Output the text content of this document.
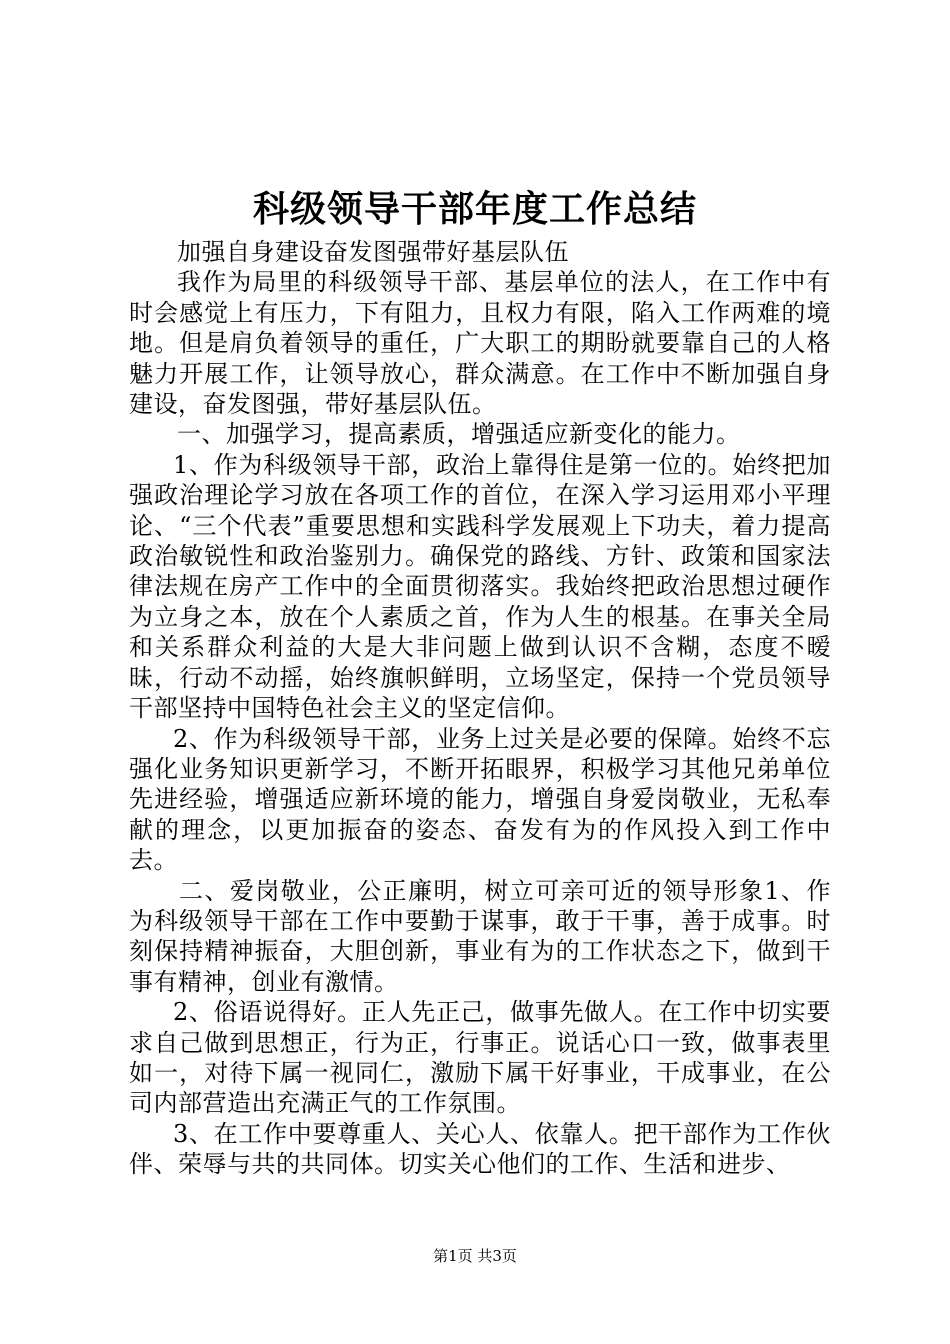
科级领导干部年度工作总结

加强自身建设奋发图强带好基层队伍

我作为局里的科级领导干部、基层单位的法人，在工作中有时会感觉上有压力，下有阻力，且权力有限，陷入工作两难的境地。但是肩负着领导的重任，广大职工的期盼就要靠自己的人格魅力开展工作，让领导放心，群众满意。在工作中不断加强自身建设，奋发图强，带好基层队伍。

一、加强学习，提高素质，增强适应新变化的能力。

1、作为科级领导干部，政治上靠得住是第一位的。始终把加强政治理论学习放在各项工作的首位，在深入学习运用邓小平理论、“三个代表”重要思想和实践科学发展观上下功夫，着力提高政治敏锐性和政治鉴别力。确保党的路线、方针、政策和国家法律法规在房产工作中的全面贯彻落实。我始终把政治思想过硬作为立身之本，放在个人素质之首，作为人生的根基。在事关全局和关系群众利益的大是大非问题上做到认识不含糊，态度不暧昧，行动不动摇，始终旗帜鲜明，立场坚定，保持一个党员领导干部坚持中国特色社会主义的坚定信仰。

2、作为科级领导干部，业务上过关是必要的保障。始终不忘强化业务知识更新学习，不断开拓眼界，积极学习其他兄弟单位先进经验，增强适应新环境的能力，增强自身爱岗敬业，无私奉献的理念，以更加振奋的姿态、奋发有为的作风投入到工作中去。

二、爱岗敬业，公正廉明，树立可亲可近的领导形象1、作为科级领导干部在工作中要勤于谋事，敢于干事，善于成事。时刻保持精神振奋，大胆创新，事业有为的工作状态之下，做到干事有精神，创业有激情。

2、俗语说得好。正人先正己，做事先做人。在工作中切实要求自己做到思想正，行为正，行事正。说话心口一致，做事表里如一，对待下属一视同仁，激励下属干好事业，干成事业，在公司内部营造出充满正气的工作氛围。

3、在工作中要尊重人、关心人、依靠人。把干部作为工作伙伴、荣辱与共的共同体。切实关心他们的工作、生活和进步、

第1页 共3页
